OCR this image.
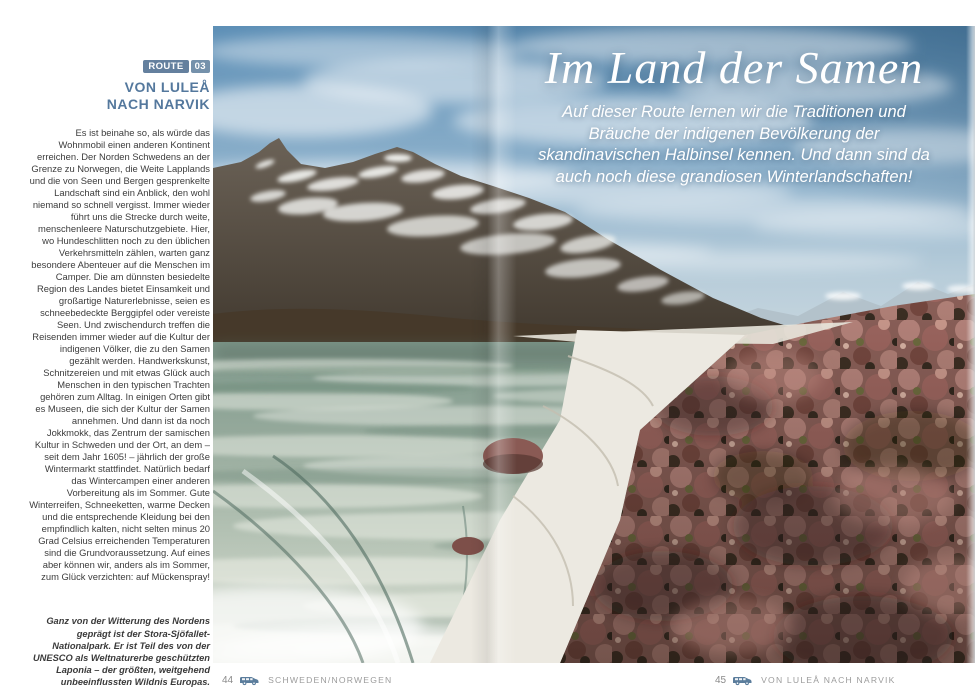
ROUTE 03
VON LULEÅ
NACH NARVIK

Es ist beinahe so, als würde das Wohnmobil einen anderen Kontinent erreichen. Der Norden Schwedens an der Grenze zu Norwegen, die Weite Lapplands und die von Seen und Bergen gesprenkelte Landschaft sind ein Anblick, den wohl niemand so schnell vergisst. Immer wieder führt uns die Strecke durch weite, menschenleere Naturschutzgebiete. Hier, wo Hundeschlitten noch zu den üblichen Verkehrsmitteln zählen, warten ganz besondere Abenteuer auf die Menschen im Camper. Die am dünnsten besiedelte Region des Landes bietet Einsamkeit und großartige Naturerlebnisse, seien es schneebedeckte Berggipfel oder vereiste Seen. Und zwischendurch treffen die Reisenden immer wieder auf die Kultur der indigenen Völker, die zu den Samen gezählt werden. Handwerkskunst, Schnitzereien und mit etwas Glück auch Menschen in den typischen Trachten gehören zum Alltag. In einigen Orten gibt es Museen, die sich der Kultur der Samen annehmen. Und dann ist da noch Jokkmokk, das Zentrum der samischen Kultur in Schweden und der Ort, an dem – seit dem Jahr 1605! – jährlich der große Wintermarkt stattfindet. Natürlich bedarf das Wintercampen einer anderen Vorbereitung als im Sommer. Gute Winterreifen, Schneeketten, warme Decken und die entsprechende Kleidung bei den empfindlich kalten, nicht selten minus 20 Grad Celsius erreichenden Temperaturen sind die Grundvoraussetzung. Auf eines aber können wir, anders als im Sommer, zum Glück verzichten: auf Mückenspray!

Ganz von der Witterung des Nordens geprägt ist der Stora-Sjöfallet-Nationalpark. Er ist Teil des von der UNESCO als Weltnaturerbe geschützten Laponia – der größten, weitgehend unbeeinflussten Wildnis Europas.

Im Land der Samen
Auf dieser Route lernen wir die Traditionen und
Bräuche der indigenen Bevölkerung der
skandinavischen Halbinsel kennen. Und dann sind da
auch noch diese grandiosen Winterlandschaften!
44	SCHWEDEN/NORWEGEN	45	VON LULEÅ NACH NARVIK
